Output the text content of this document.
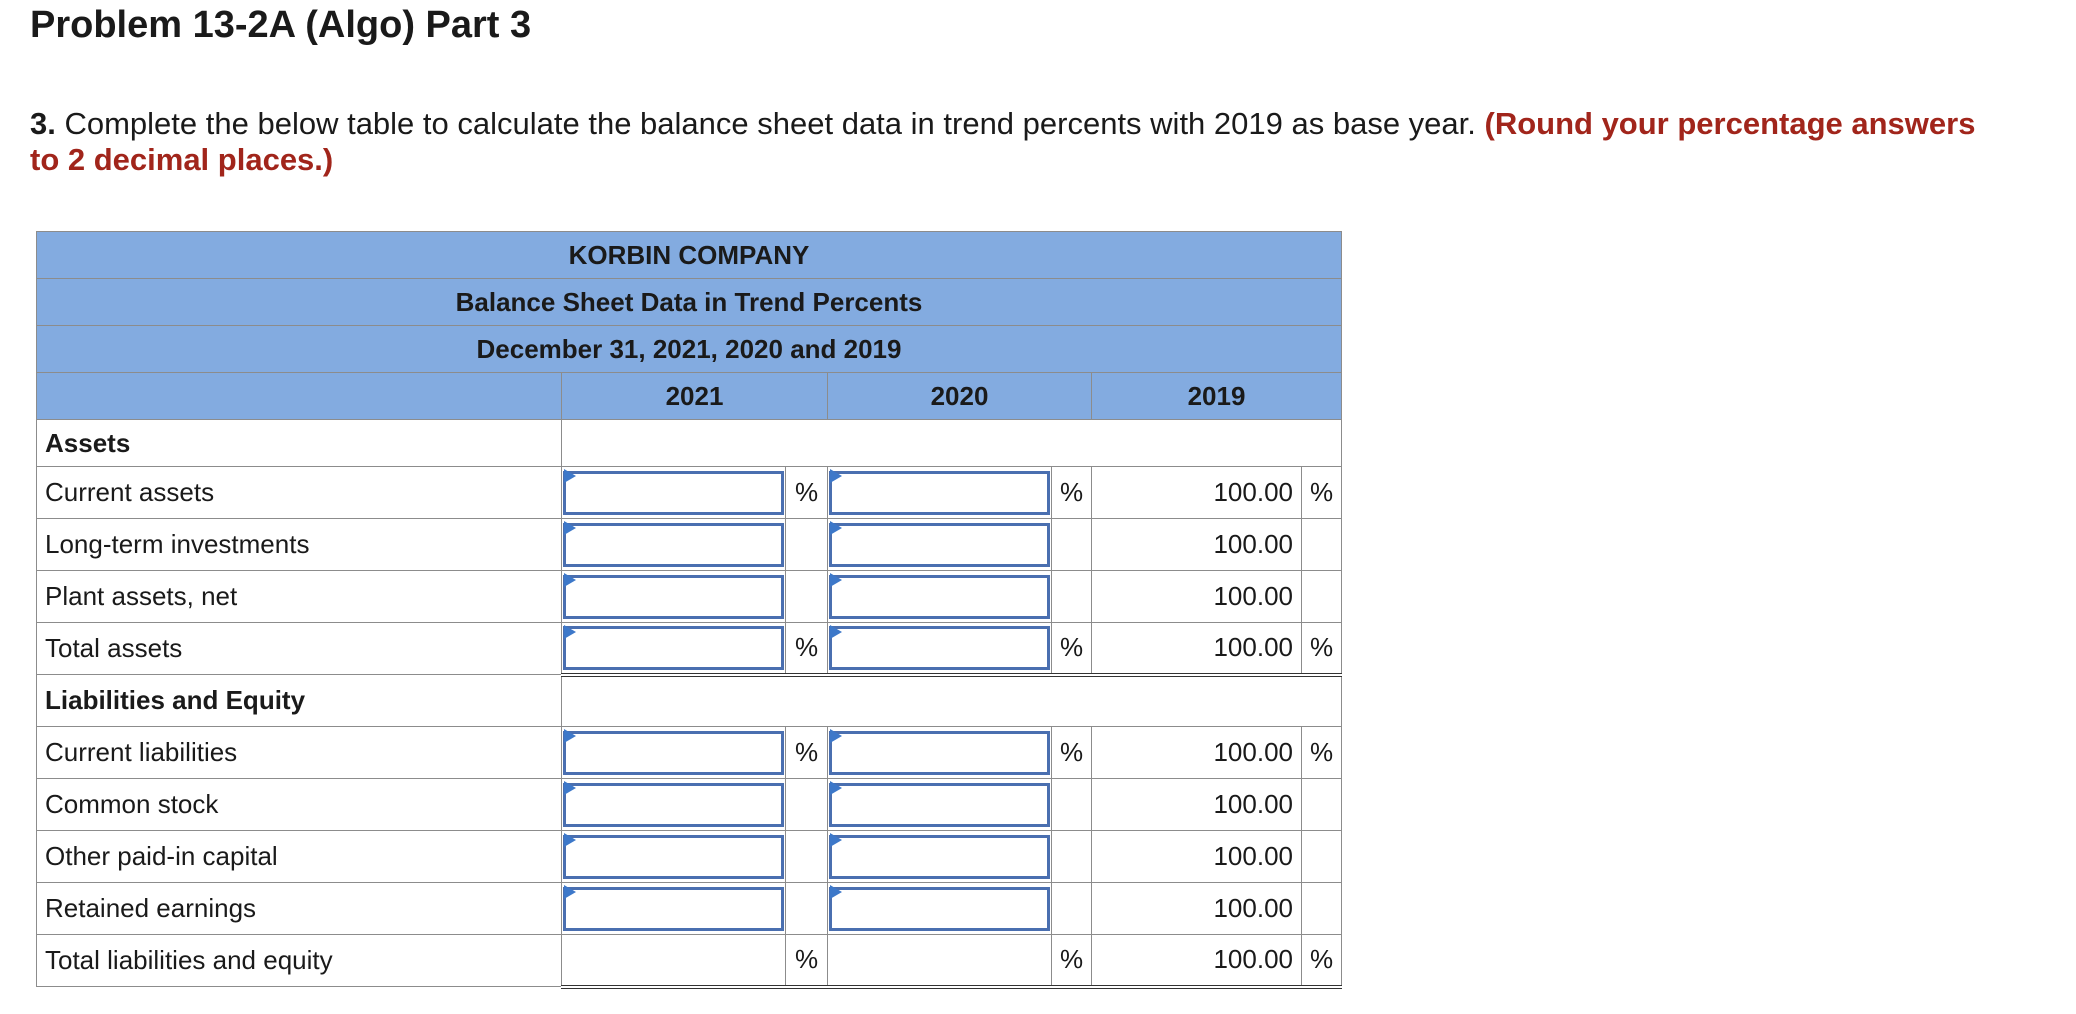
Problem 13-2A (Algo) Part 3

3. Complete the below table to calculate the balance sheet data in trend percents with 2019 as base year. (Round your percentage answers to 2 decimal places.)

KORBIN COMPANY						
Balance Sheet Data in Trend Percents						
December 31, 2021, 2020 and 2019						
	2021		2020		2019	
Assets						
Current assets		%		%	100.00	%
Long-term investments					100.00	
Plant assets, net					100.00	
Total assets		%		%	100.00	%
Liabilities and Equity						
Current liabilities		%		%	100.00	%
Common stock					100.00	
Other paid-in capital					100.00	
Retained earnings					100.00	
Total liabilities and equity		%		%	100.00	%
